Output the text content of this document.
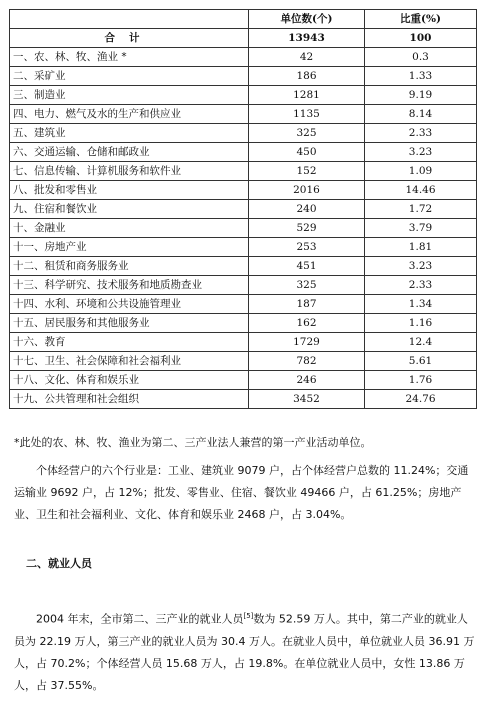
	单位数(个)	比重(%)
合计	13943	100
一、农、林、牧、渔业 *	42	0.3
二、采矿业	186	1.33
三、制造业	1281	9.19
四、电力、燃气及水的生产和供应业	1135	8.14
五、建筑业	325	2.33
六、交通运输、仓储和邮政业	450	3.23
七、信息传输、计算机服务和软件业	152	1.09
八、批发和零售业	2016	14.46
九、住宿和餐饮业	240	1.72
十、金融业	529	3.79
十一、房地产业	253	1.81
十二、租赁和商务服务业	451	3.23
十三、科学研究、技术服务和地质勘查业	325	2.33
十四、水利、环境和公共设施管理业	187	1.34
十五、居民服务和其他服务业	162	1.16
十六、教育	1729	12.4
十七、卫生、社会保障和社会福利业	782	5.61
十八、文化、体育和娱乐业	246	1.76
十九、公共管理和社会组织	3452	24.76
*此处的农、林、牧、渔业为第二、三产业法人兼营的第一产业活动单位。
个体经营户的六个行业是：工业、建筑业 9079 户，占个体经营户总数的 11.24%；交通运输业 9692 户，占 12%；批发、零售业、住宿、餐饮业 49466 户，占 61.25%；房地产业、卫生和社会福利业、文化、体育和娱乐业 2468 户，占 3.04%。
二、就业人员
2004 年末，全市第二、三产业的就业人员[5]数为 52.59 万人。其中，第二产业的就业人员为 22.19 万人，第三产业的就业人员为 30.4 万人。在就业人员中，单位就业人员 36.91 万人，占 70.2%；个体经营人员 15.68 万人，占 19.8%。在单位就业人员中，女性 13.86 万人，占 37.55%。
